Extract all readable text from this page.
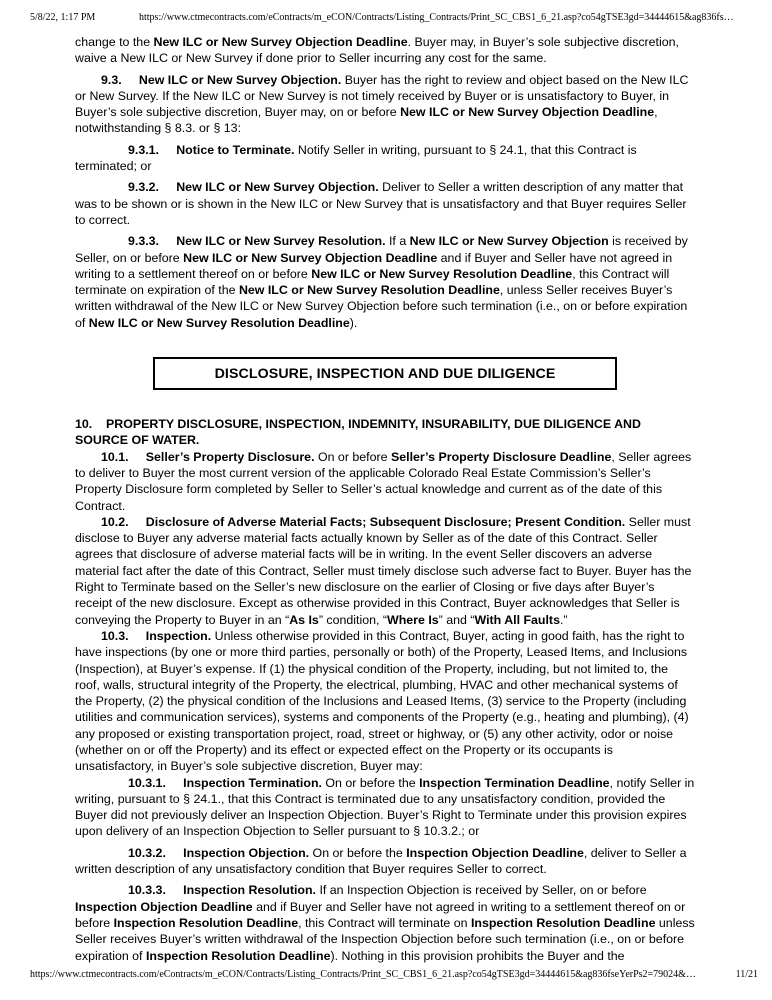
5/8/22, 1:17 PM	https://www.ctmecontracts.com/eContracts/m_eCON/Contracts/Listing_Contracts/Print_SC_CBS1_6_21.asp?co54gTSE3gd=34444615&ag836fs…

change to the New ILC or New Survey Objection Deadline. Buyer may, in Buyer’s sole subjective discretion, waive a New ILC or New Survey if done prior to Seller incurring any cost for the same.

9.3. New ILC or New Survey Objection. Buyer has the right to review and object based on the New ILC or New Survey. If the New ILC or New Survey is not timely received by Buyer or is unsatisfactory to Buyer, in Buyer’s sole subjective discretion, Buyer may, on or before New ILC or New Survey Objection Deadline, notwithstanding § 8.3. or § 13:

9.3.1. Notice to Terminate. Notify Seller in writing, pursuant to § 24.1, that this Contract is terminated; or

9.3.2. New ILC or New Survey Objection. Deliver to Seller a written description of any matter that was to be shown or is shown in the New ILC or New Survey that is unsatisfactory and that Buyer requires Seller to correct.

9.3.3. New ILC or New Survey Resolution. If a New ILC or New Survey Objection is received by Seller, on or before New ILC or New Survey Objection Deadline and if Buyer and Seller have not agreed in writing to a settlement thereof on or before New ILC or New Survey Resolution Deadline, this Contract will terminate on expiration of the New ILC or New Survey Resolution Deadline, unless Seller receives Buyer’s written withdrawal of the New ILC or New Survey Objection before such termination (i.e., on or before expiration of New ILC or New Survey Resolution Deadline).

DISCLOSURE, INSPECTION AND DUE DILIGENCE

10. PROPERTY DISCLOSURE, INSPECTION, INDEMNITY, INSURABILITY, DUE DILIGENCE AND SOURCE OF WATER.

10.1. Seller’s Property Disclosure. On or before Seller’s Property Disclosure Deadline, Seller agrees to deliver to Buyer the most current version of the applicable Colorado Real Estate Commission’s Seller’s Property Disclosure form completed by Seller to Seller’s actual knowledge and current as of the date of this Contract.

10.2. Disclosure of Adverse Material Facts; Subsequent Disclosure; Present Condition. Seller must disclose to Buyer any adverse material facts actually known by Seller as of the date of this Contract. Seller agrees that disclosure of adverse material facts will be in writing. In the event Seller discovers an adverse material fact after the date of this Contract, Seller must timely disclose such adverse fact to Buyer. Buyer has the Right to Terminate based on the Seller’s new disclosure on the earlier of Closing or five days after Buyer’s receipt of the new disclosure. Except as otherwise provided in this Contract, Buyer acknowledges that Seller is conveying the Property to Buyer in an “As Is” condition, “Where Is” and “With All Faults.”

10.3. Inspection. Unless otherwise provided in this Contract, Buyer, acting in good faith, has the right to have inspections (by one or more third parties, personally or both) of the Property, Leased Items, and Inclusions (Inspection), at Buyer’s expense. If (1) the physical condition of the Property, including, but not limited to, the roof, walls, structural integrity of the Property, the electrical, plumbing, HVAC and other mechanical systems of the Property, (2) the physical condition of the Inclusions and Leased Items, (3) service to the Property (including utilities and communication services), systems and components of the Property (e.g., heating and plumbing), (4) any proposed or existing transportation project, road, street or highway, or (5) any other activity, odor or noise (whether on or off the Property) and its effect or expected effect on the Property or its occupants is unsatisfactory, in Buyer’s sole subjective discretion, Buyer may:

10.3.1. Inspection Termination. On or before the Inspection Termination Deadline, notify Seller in writing, pursuant to § 24.1., that this Contract is terminated due to any unsatisfactory condition, provided the Buyer did not previously deliver an Inspection Objection. Buyer’s Right to Terminate under this provision expires upon delivery of an Inspection Objection to Seller pursuant to § 10.3.2.; or

10.3.2. Inspection Objection. On or before the Inspection Objection Deadline, deliver to Seller a written description of any unsatisfactory condition that Buyer requires Seller to correct.

10.3.3. Inspection Resolution. If an Inspection Objection is received by Seller, on or before Inspection Objection Deadline and if Buyer and Seller have not agreed in writing to a settlement thereof on or before Inspection Resolution Deadline, this Contract will terminate on Inspection Resolution Deadline unless Seller receives Buyer’s written withdrawal of the Inspection Objection before such termination (i.e., on or before expiration of Inspection Resolution Deadline). Nothing in this provision prohibits the Buyer and the

https://www.ctmecontracts.com/eContracts/m_eCON/Contracts/Listing_Contracts/Print_SC_CBS1_6_21.asp?co54gTSE3gd=34444615&ag836fseYerPs2=79024&…	11/21
